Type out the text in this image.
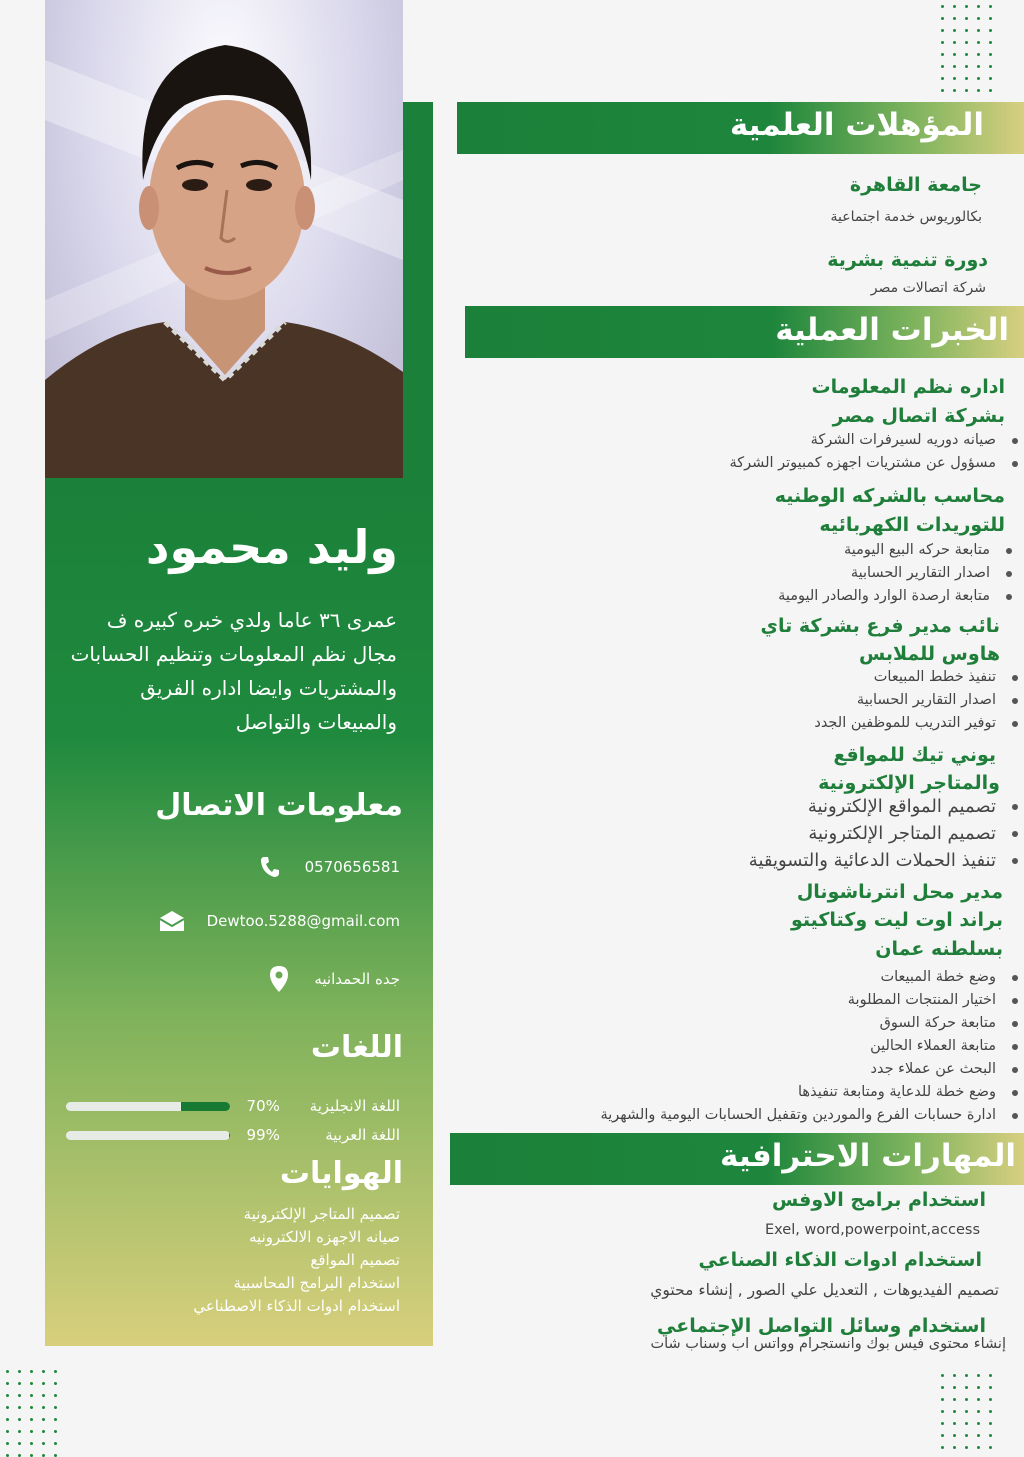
وليد محمود
عمرى ٣٦ عاما ولدي خبره كبيره ف مجال نظم المعلومات وتنظيم الحسابات والمشتريات وايضا اداره الفريق والمبيعات والتواصل
معلومات الاتصال
0570656581
Dewtoo.5288@gmail.com
جده الحمدانيه
اللغات
اللغة الانجليزية
70%
اللغة العربية
99%
الهوايات
تصميم المتاجر الإلكترونية
صيانه الاجهزه الالكترونيه
تصميم المواقع
استخدام البرامج المحاسبية
استخدام ادوات الذكاء الاصطناعي
المؤهلات العلمية
جامعة القاهرة
بكالوريوس خدمة اجتماعية
دورة تنمية بشرية
شركة اتصالات مصر
الخبرات العملية
اداره نظم المعلومات
بشركة اتصال مصر
صيانه دوريه لسيرفرات الشركة
مسؤول عن مشتريات اجهزه كمبيوتر الشركة
محاسب بالشركه الوطنيه
للتوريدات الكهربائيه
متابعة حركه البيع اليومية
اصدار التقارير الحسابية
متابعة ارصدة الوارد والصادر اليومية
نائب مدير فرع بشركة تاي
هاوس للملابس
تنفيذ خطط المبيعات
اصدار التقارير الحسابية
توفير التدريب للموظفين الجدد
يوني تيك للمواقع
والمتاجر الإلكترونية
تصميم المواقع الإلكترونية
تصميم المتاجر الإلكترونية
تنفيذ الحملات الدعائية والتسويقية
مدير محل انترناشونال
براند اوت ليت وكتاكيتو
بسلطنه عمان
وضع خطة المبيعات
اختيار المنتجات المطلوبة
متابعة حركة السوق
متابعة العملاء الحالين
البحث عن عملاء جدد
وضع خطة للدعاية ومتابعة تنفيذها
ادارة حسابات الفرع والموردين وتقفيل الحسابات اليومية والشهرية
المهارات الاحترافية
استخدام برامج الاوفس
Exel, word,powerpoint,access
استخدام ادوات الذكاء الصناعي
تصميم الفيديوهات , التعديل علي الصور , إنشاء محتوي
استخدام وسائل التواصل الإجتماعي
إنشاء محتوى فيس بوك وانستجرام وواتس اب وسناب شات
